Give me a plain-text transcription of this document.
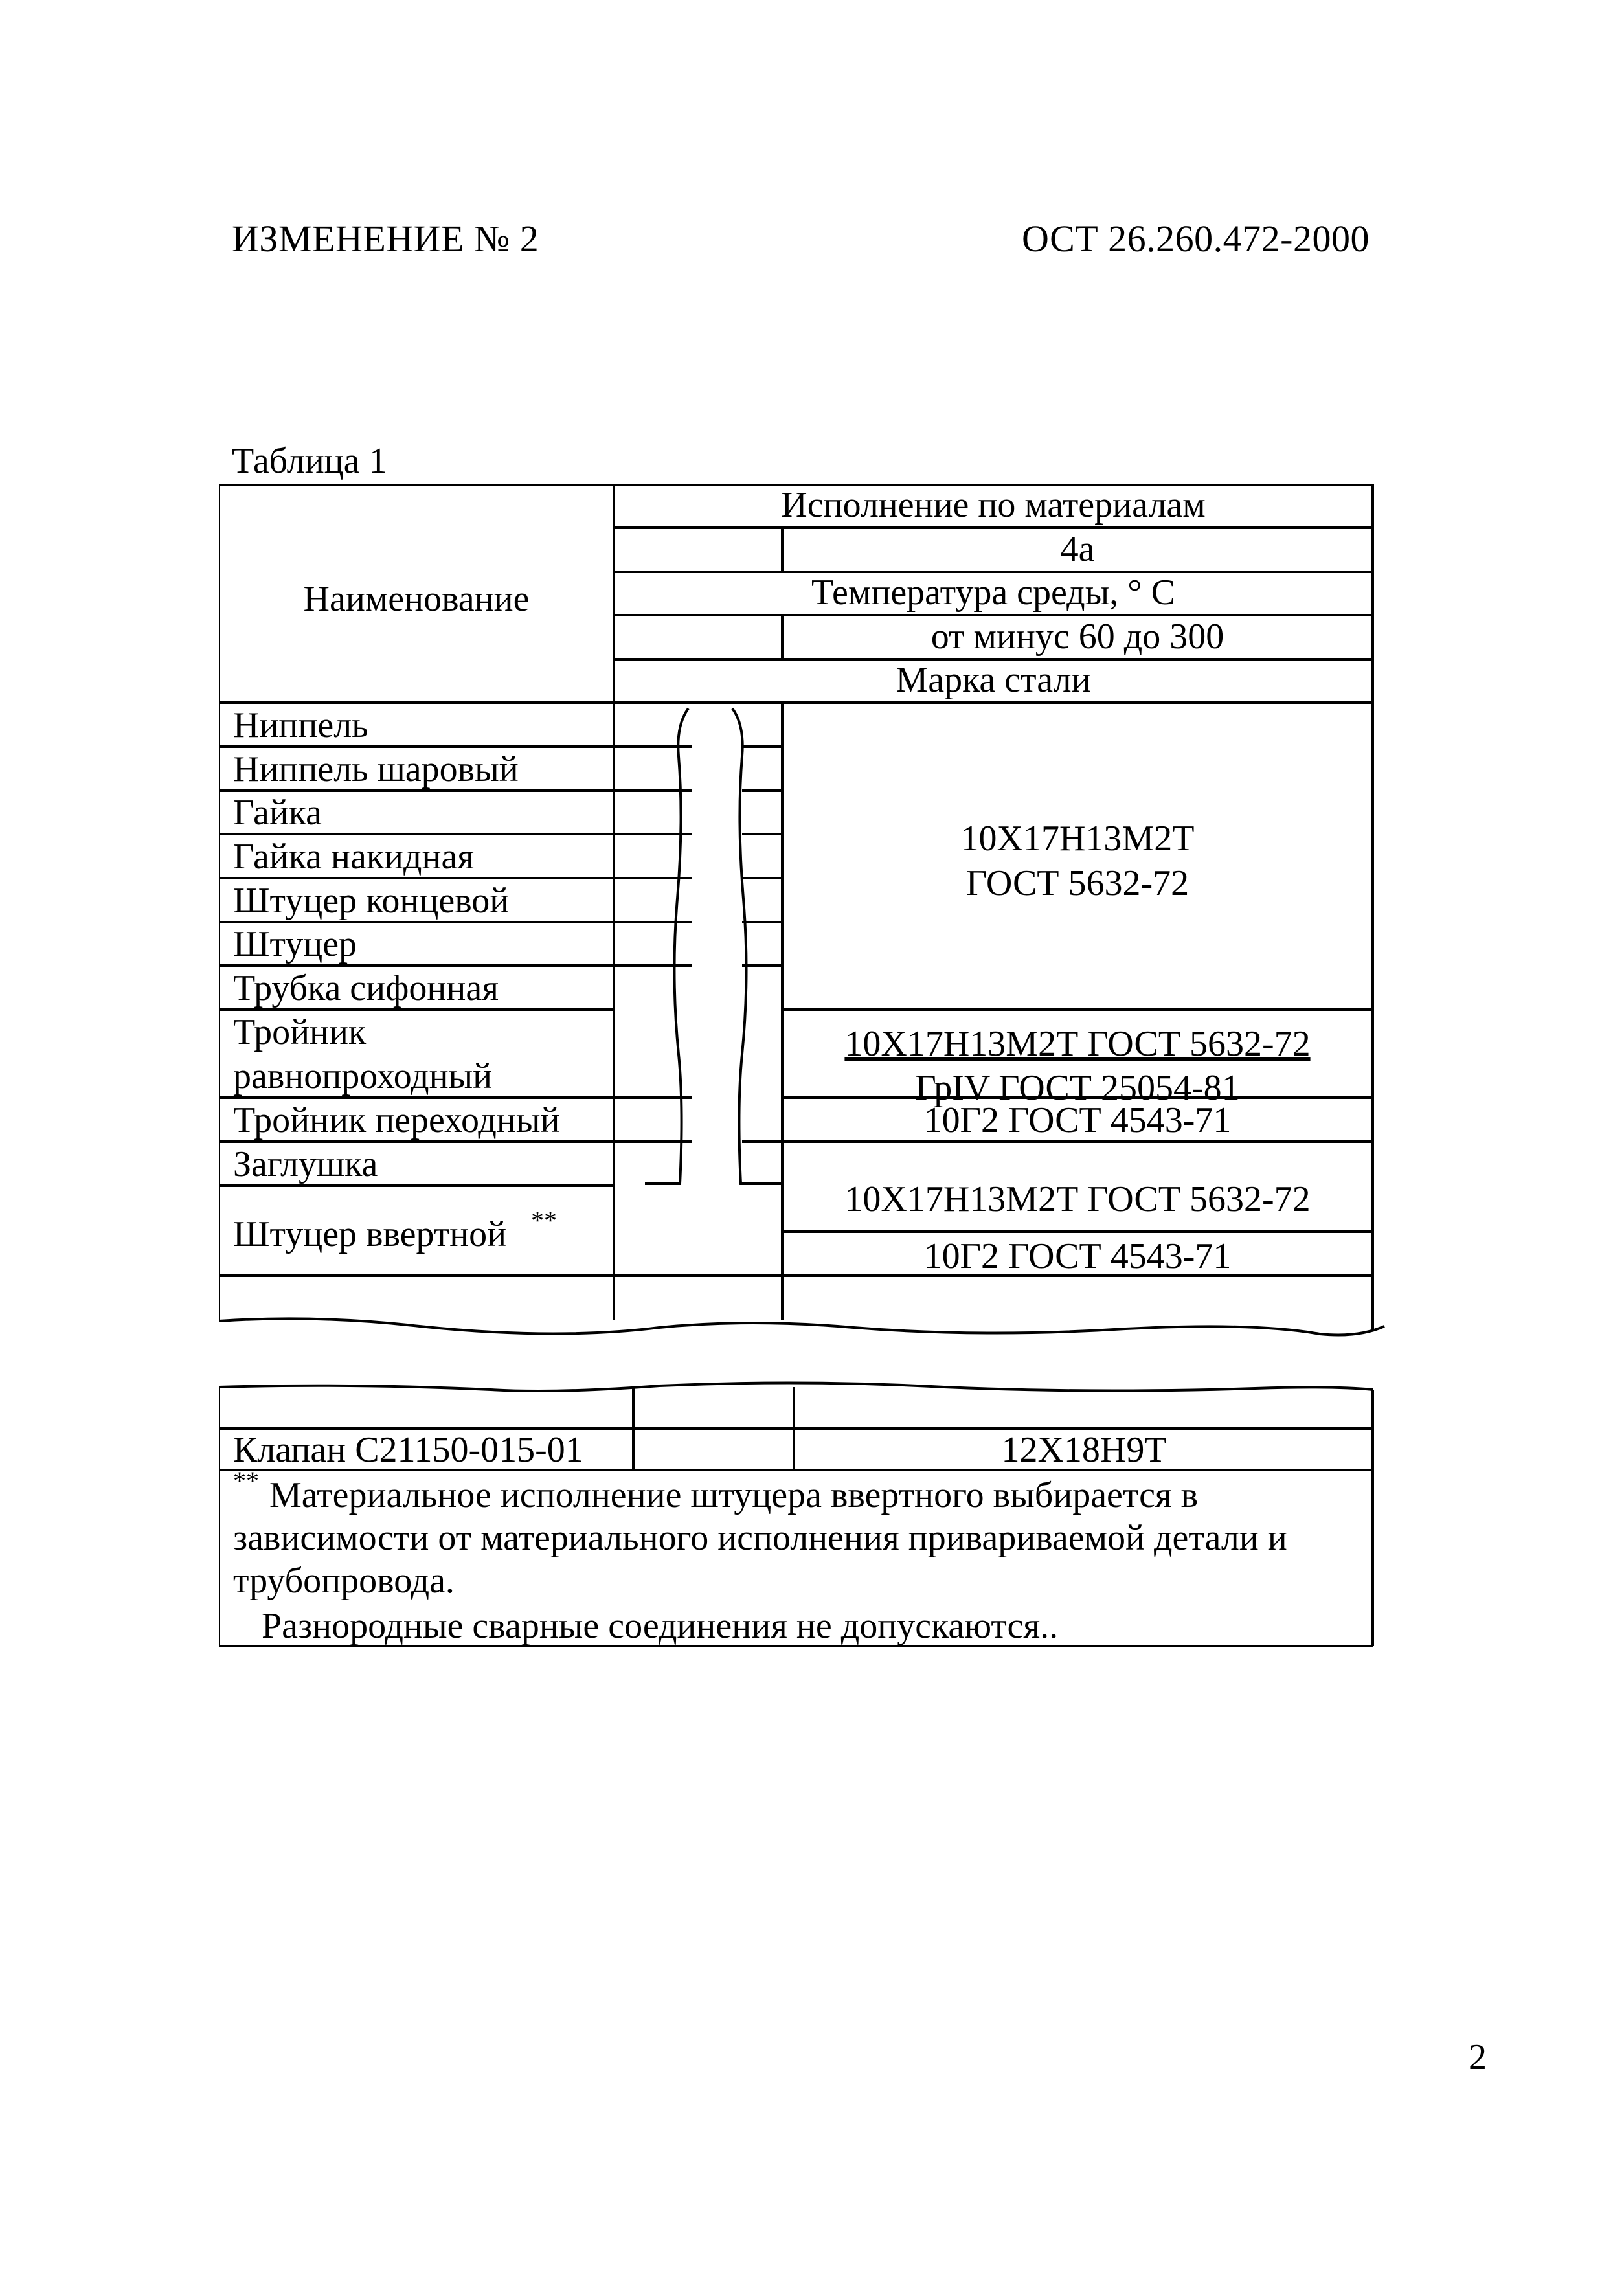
ИЗМЕНЕНИЕ № 2	ОСТ 26.260.472-2000
Таблица 1
Наименование
Исполнение по материалам
4а
Температура среды, ° С
от минус 60 до 300
Марка стали
Ниппель
Ниппель шаровый
Гайка
Гайка накидная
Штуцер концевой
Штуцер
Трубка сифонная
Тройник
равнопроходный
Тройник переходный
Заглушка
Штуцер ввертной **
10Х17Н13М2Т
ГОСТ 5632-72
10Х17Н13М2Т ГОСТ 5632-72
ГрIV ГОСТ 25054-81
10Г2 ГОСТ 4543-71
10Х17Н13М2Т ГОСТ 5632-72
10Г2 ГОСТ 4543-71
Клапан С21150-015-01	12Х18Н9Т
** Материальное исполнение штуцера ввертного выбирается в
зависимости от материального исполнения привариваемой детали и
трубопровода.
Разнородные сварные соединения не допускаются..
2
